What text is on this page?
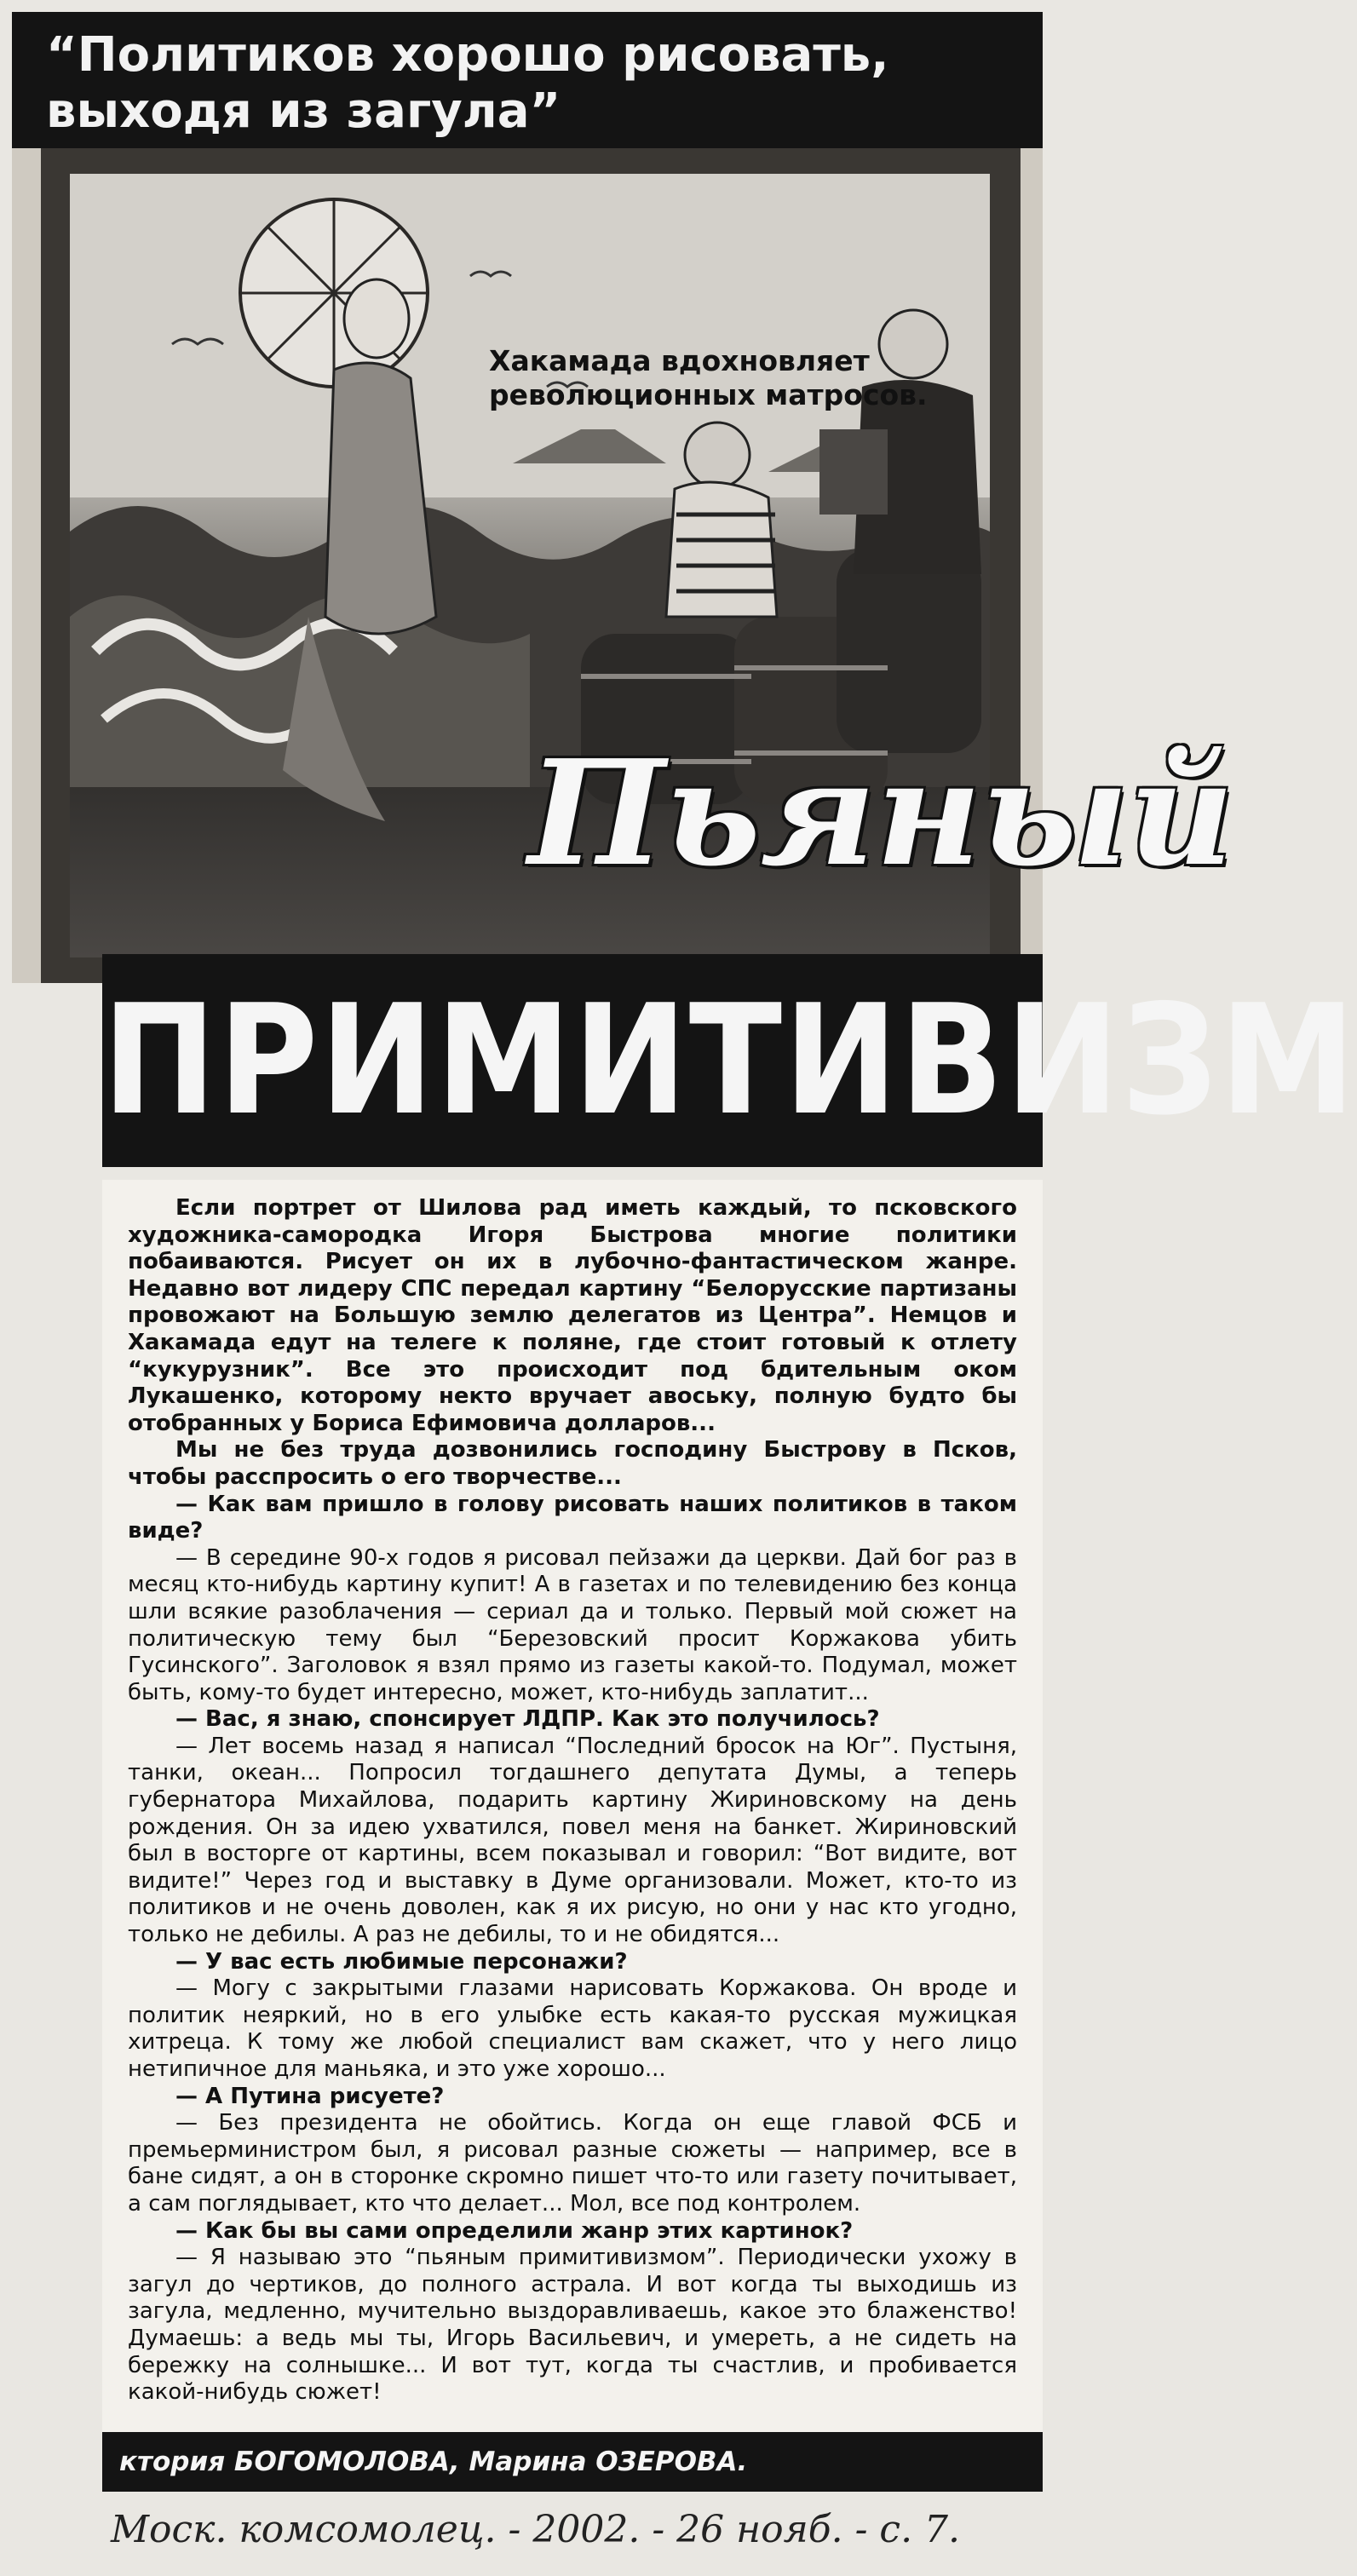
“Политиков хорошо рисовать,
выходя из загула”
Хакамада вдохновляет
революционных матросов.
Пьяный
ПРИМИТИВИЗМ

Если портрет от Шилова рад иметь каждый, то псковского художника-самородка Игоря Быстрова многие политики побаиваются. Рисует он их в лубочно-фантастическом жанре. Недавно вот лидеру СПС передал картину “Белорусские партизаны провожают на Большую землю делегатов из Центра”. Немцов и Хакамада едут на телеге к поляне, где стоит готовый к отлету “кукурузник”. Все это происходит под бдительным оком Лукашенко, которому некто вручает авоську, полную будто бы отобранных у Бориса Ефимовича долларов...

Мы не без труда дозвонились господину Быстрову в Псков, чтобы расспросить о его творчестве...

— Как вам пришло в голову рисовать наших политиков в таком виде?

— В середине 90-х годов я рисовал пейзажи да церкви. Дай бог раз в месяц кто-нибудь картину купит! А в газетах и по телевидению без конца шли всякие разоблачения — сериал да и только. Первый мой сюжет на политическую тему был “Березовский просит Коржакова убить Гусинского”. Заголовок я взял прямо из газеты какой-то. Подумал, может быть, кому-то будет интересно, может, кто-нибудь заплатит...

— Вас, я знаю, спонсирует ЛДПР. Как это получилось?

— Лет восемь назад я написал “Последний бросок на Юг”. Пустыня, танки, океан... Попросил тогдашнего депутата Думы, а теперь губернатора Михайлова, подарить картину Жириновскому на день рождения. Он за идею ухватился, повел меня на банкет. Жириновский был в восторге от картины, всем показывал и говорил: “Вот видите, вот видите!” Через год и выставку в Думе организовали. Может, кто-то из политиков и не очень доволен, как я их рисую, но они у нас кто угодно, только не дебилы. А раз не дебилы, то и не обидятся...

— У вас есть любимые персонажи?

— Могу с закрытыми глазами нарисовать Коржакова. Он вроде и политик неяркий, но в его улыбке есть какая-то русская мужицкая хитреца. К тому же любой специалист вам скажет, что у него лицо нетипичное для маньяка, и это уже хорошо...

— А Путина рисуете?

— Без президента не обойтись. Когда он еще главой ФСБ и премьерминистром был, я рисовал разные сюжеты — например, все в бане сидят, а он в сторонке скромно пишет что-то или газету почитывает, а сам поглядывает, кто что делает... Мол, все под контролем.

— Как бы вы сами определили жанр этих картинок?

— Я называю это “пьяным примитивизмом”. Периодически ухожу в загул до чертиков, до полного астрала. И вот когда ты выходишь из загула, медленно, мучительно выздоравливаешь, какое это блаженство! Думаешь: а ведь мы ты, Игорь Васильевич, и умереть, а не сидеть на бережку на солнышке... И вот тут, когда ты счастлив, и пробивается какой-нибудь сюжет!

ктория БОГОМОЛОВА, Марина ОЗЕРОВА.
Моск. комсомолец. - 2002. - 26 нояб. - с. 7.
